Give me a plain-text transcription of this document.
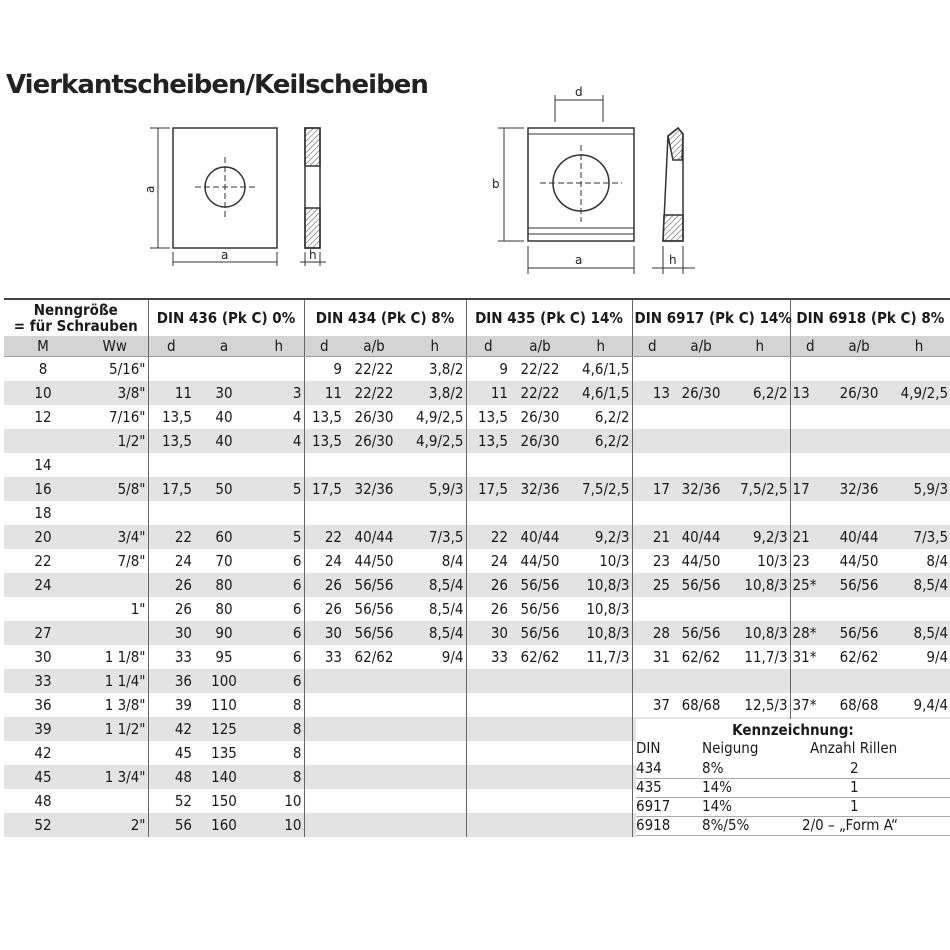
Vierkantscheiben/Keilscheiben
a
a	h
d
b
a	h
Nenngröße
= für Schrauben		DIN 436 (Pk C) 0%			DIN 434 (Pk C) 8%			DIN 435 (Pk C) 14%			DIN 6917 (Pk C) 14%			DIN 6918 (Pk C) 8%		
M	Ww	d	a	h	d	a/b	h	d	a/b	h	d	a/b	h	d	a/b	h
8	5/16"				9	22/22	3,8/2	9	22/22	4,6/1,5						
10	3/8"	11	30	3	11	22/22	3,8/2	11	22/22	4,6/1,5	13	26/30	6,2/2	13	26/30	4,9/2,5
12	7/16"	13,5	40	4	13,5	26/30	4,9/2,5	13,5	26/30	6,2/2						
	1/2"	13,5	40	4	13,5	26/30	4,9/2,5	13,5	26/30	6,2/2						
14																
16	5/8"	17,5	50	5	17,5	32/36	5,9/3	17,5	32/36	7,5/2,5	17	32/36	7,5/2,5	17	32/36	5,9/3
18																
20	3/4"	22	60	5	22	40/44	7/3,5	22	40/44	9,2/3	21	40/44	9,2/3	21	40/44	7/3,5
22	7/8"	24	70	6	24	44/50	8/4	24	44/50	10/3	23	44/50	10/3	23	44/50	8/4
24		26	80	6	26	56/56	8,5/4	26	56/56	10,8/3	25	56/56	10,8/3	25*	56/56	8,5/4
	1"	26	80	6	26	56/56	8,5/4	26	56/56	10,8/3						
27		30	90	6	30	56/56	8,5/4	30	56/56	10,8/3	28	56/56	10,8/3	28*	56/56	8,5/4
30	1 1/8"	33	95	6	33	62/62	9/4	33	62/62	11,7/3	31	62/62	11,7/3	31*	62/62	9/4
33	1 1/4"	36	100	6												
36	1 3/8"	39	110	8							37	68/68	12,5/3	37*	68/68	9,4/4
39	1 1/2"	42	125	8												
42		45	135	8												
45	1 3/4"	48	140	8												
48		52	150	10												
52	2"	56	160	10												
Kennzeichnung:
DIN	Neigung	Anzahl Rillen
434	8%	2
435	14%	1
6917 14%	1
6918 8%/5%	2/0 – „Form A“
